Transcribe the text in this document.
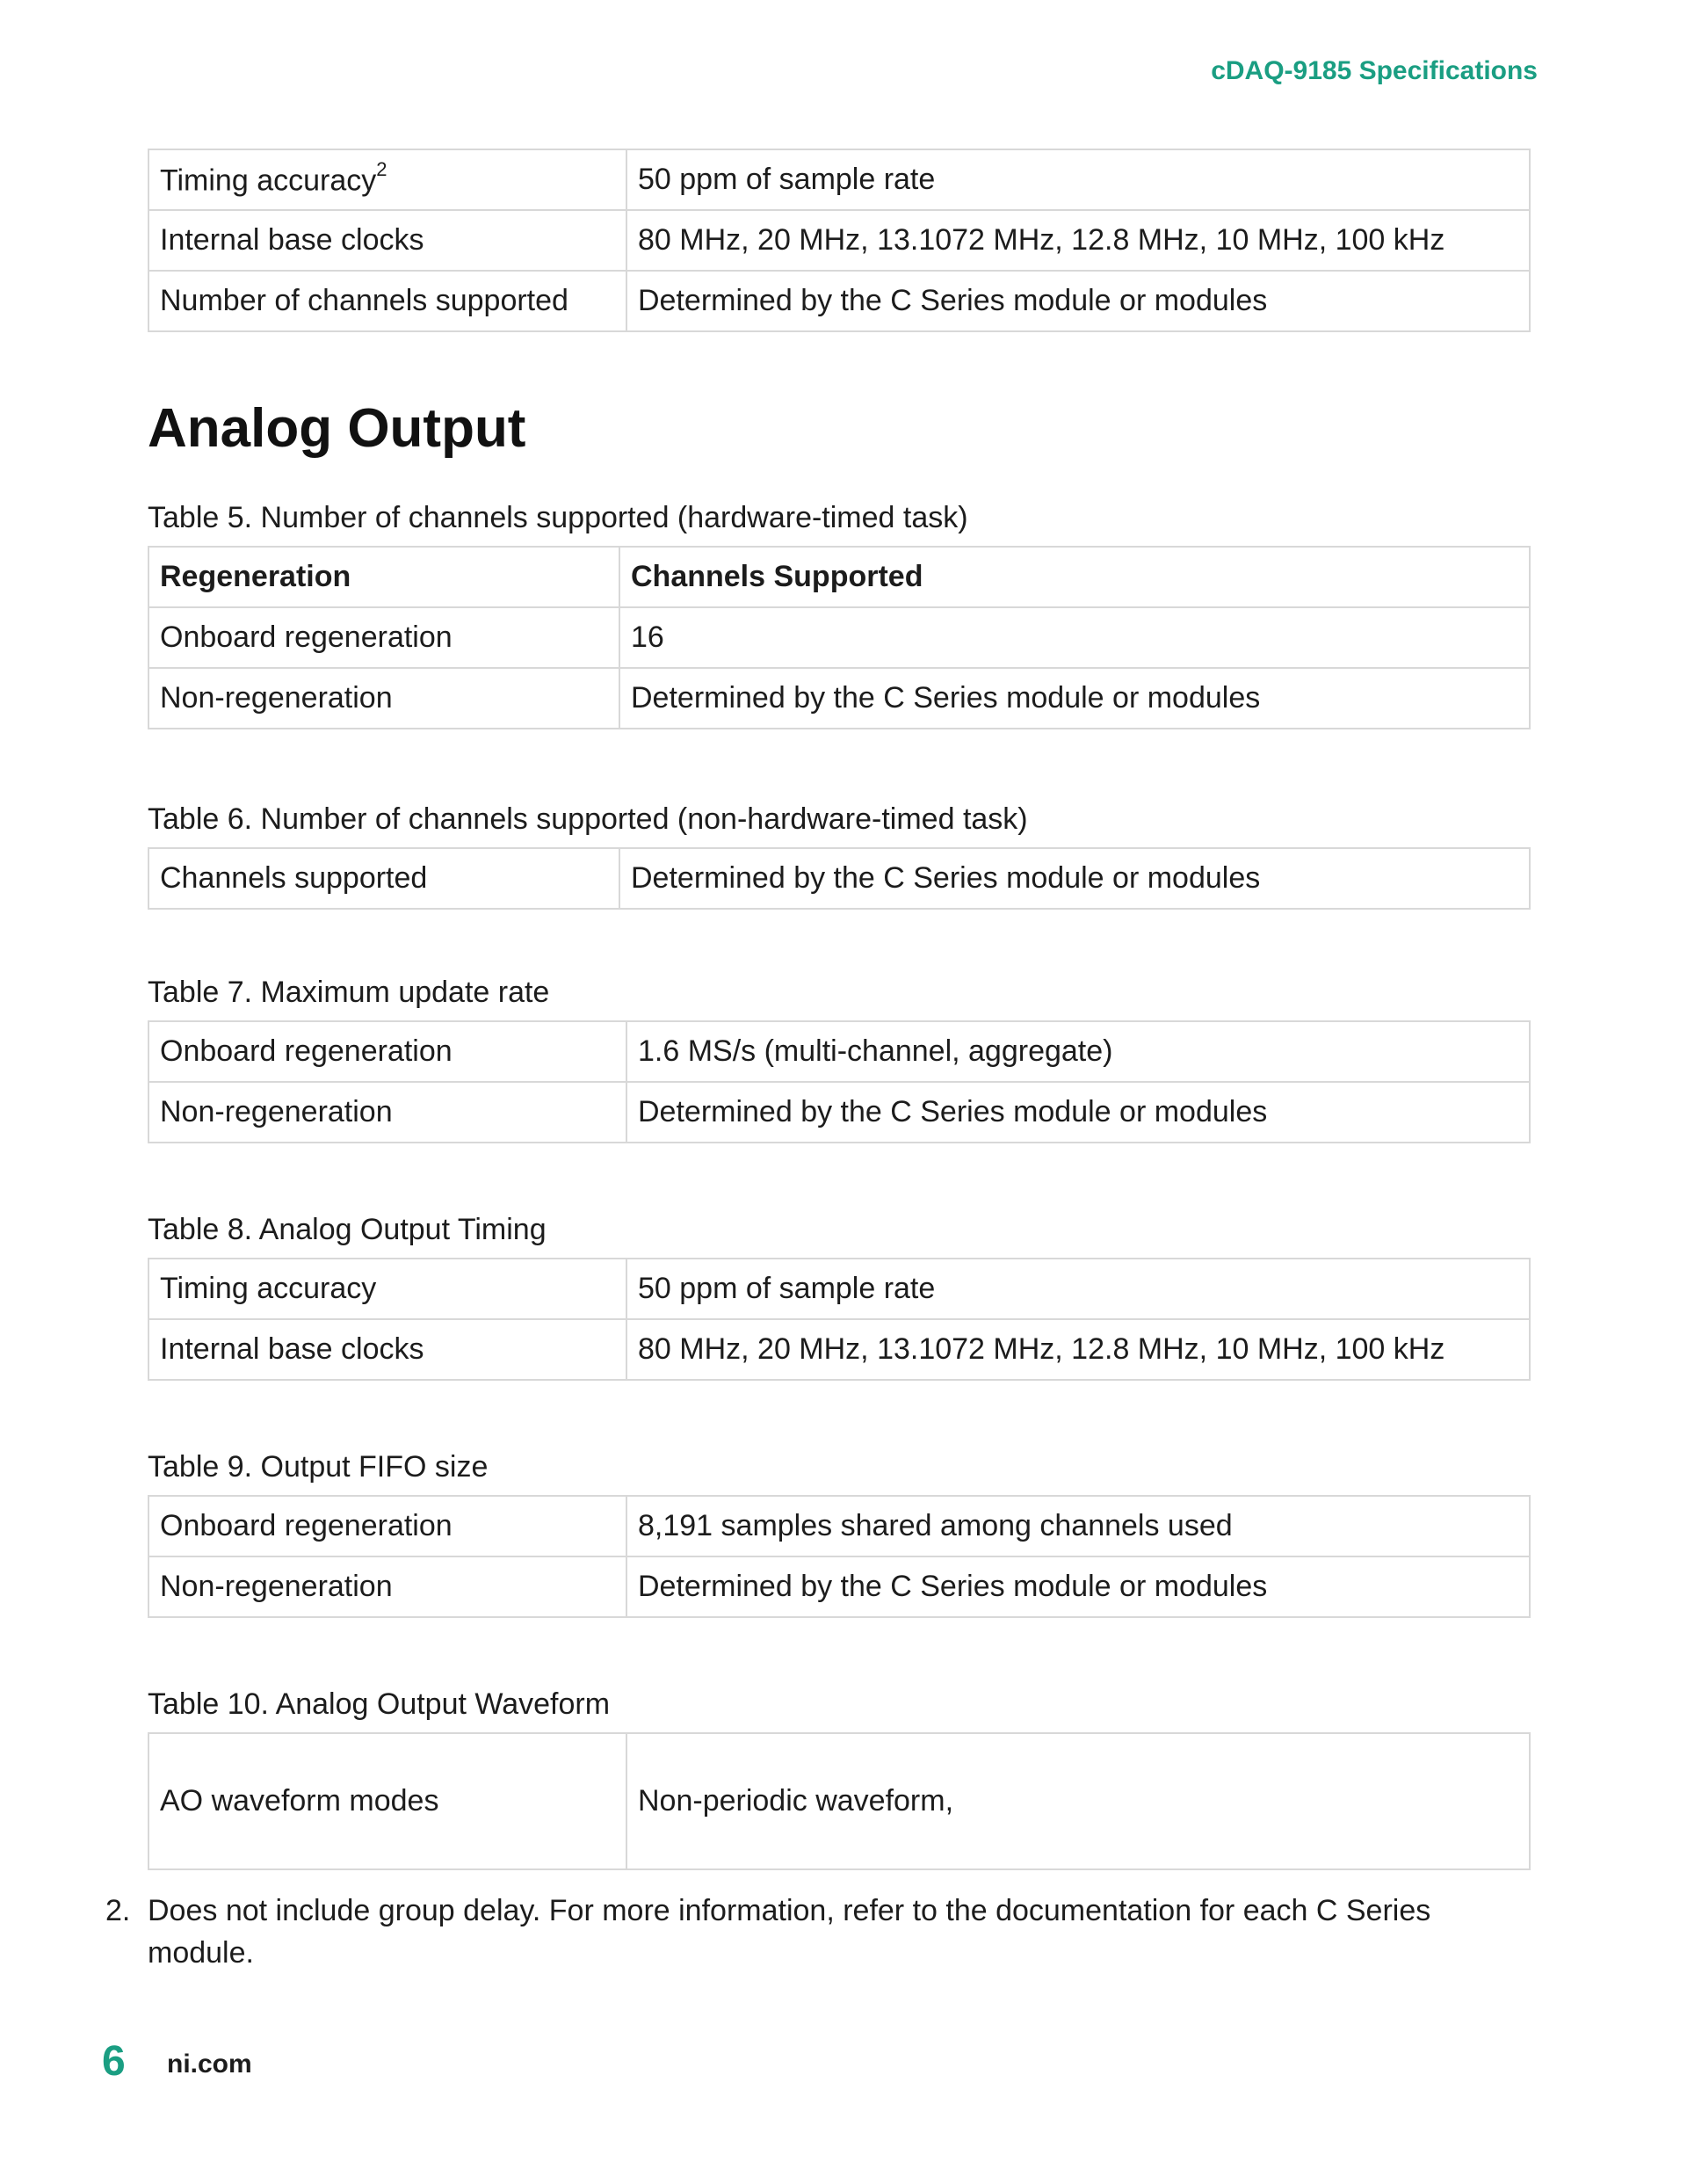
cDAQ-9185 Specifications
Timing accuracy$^2$	50 ppm of sample rate
Internal base clocks	80 MHz, 20 MHz, 13.1072 MHz, 12.8 MHz, 10 MHz, 100 kHz
Number of channels supported	Determined by the C Series module or modules
Analog Output
Table 5. Number of channels supported (hardware-timed task)
Regeneration	Channels Supported
Onboard regeneration	16
Non-regeneration	Determined by the C Series module or modules
Table 6. Number of channels supported (non-hardware-timed task)
Channels supported	Determined by the C Series module or modules
Table 7. Maximum update rate
Onboard regeneration	1.6 MS/s (multi-channel, aggregate)
Non-regeneration	Determined by the C Series module or modules
Table 8. Analog Output Timing
Timing accuracy	50 ppm of sample rate
Internal base clocks	80 MHz, 20 MHz, 13.1072 MHz, 12.8 MHz, 10 MHz, 100 kHz
Table 9. Output FIFO size
Onboard regeneration	8,191 samples shared among channels used
Non-regeneration	Determined by the C Series module or modules
Table 10. Analog Output Waveform
AO waveform modes	Non-periodic waveform,
2. Does not include group delay. For more information, refer to the documentation for each C Series module.
6 ni.com
